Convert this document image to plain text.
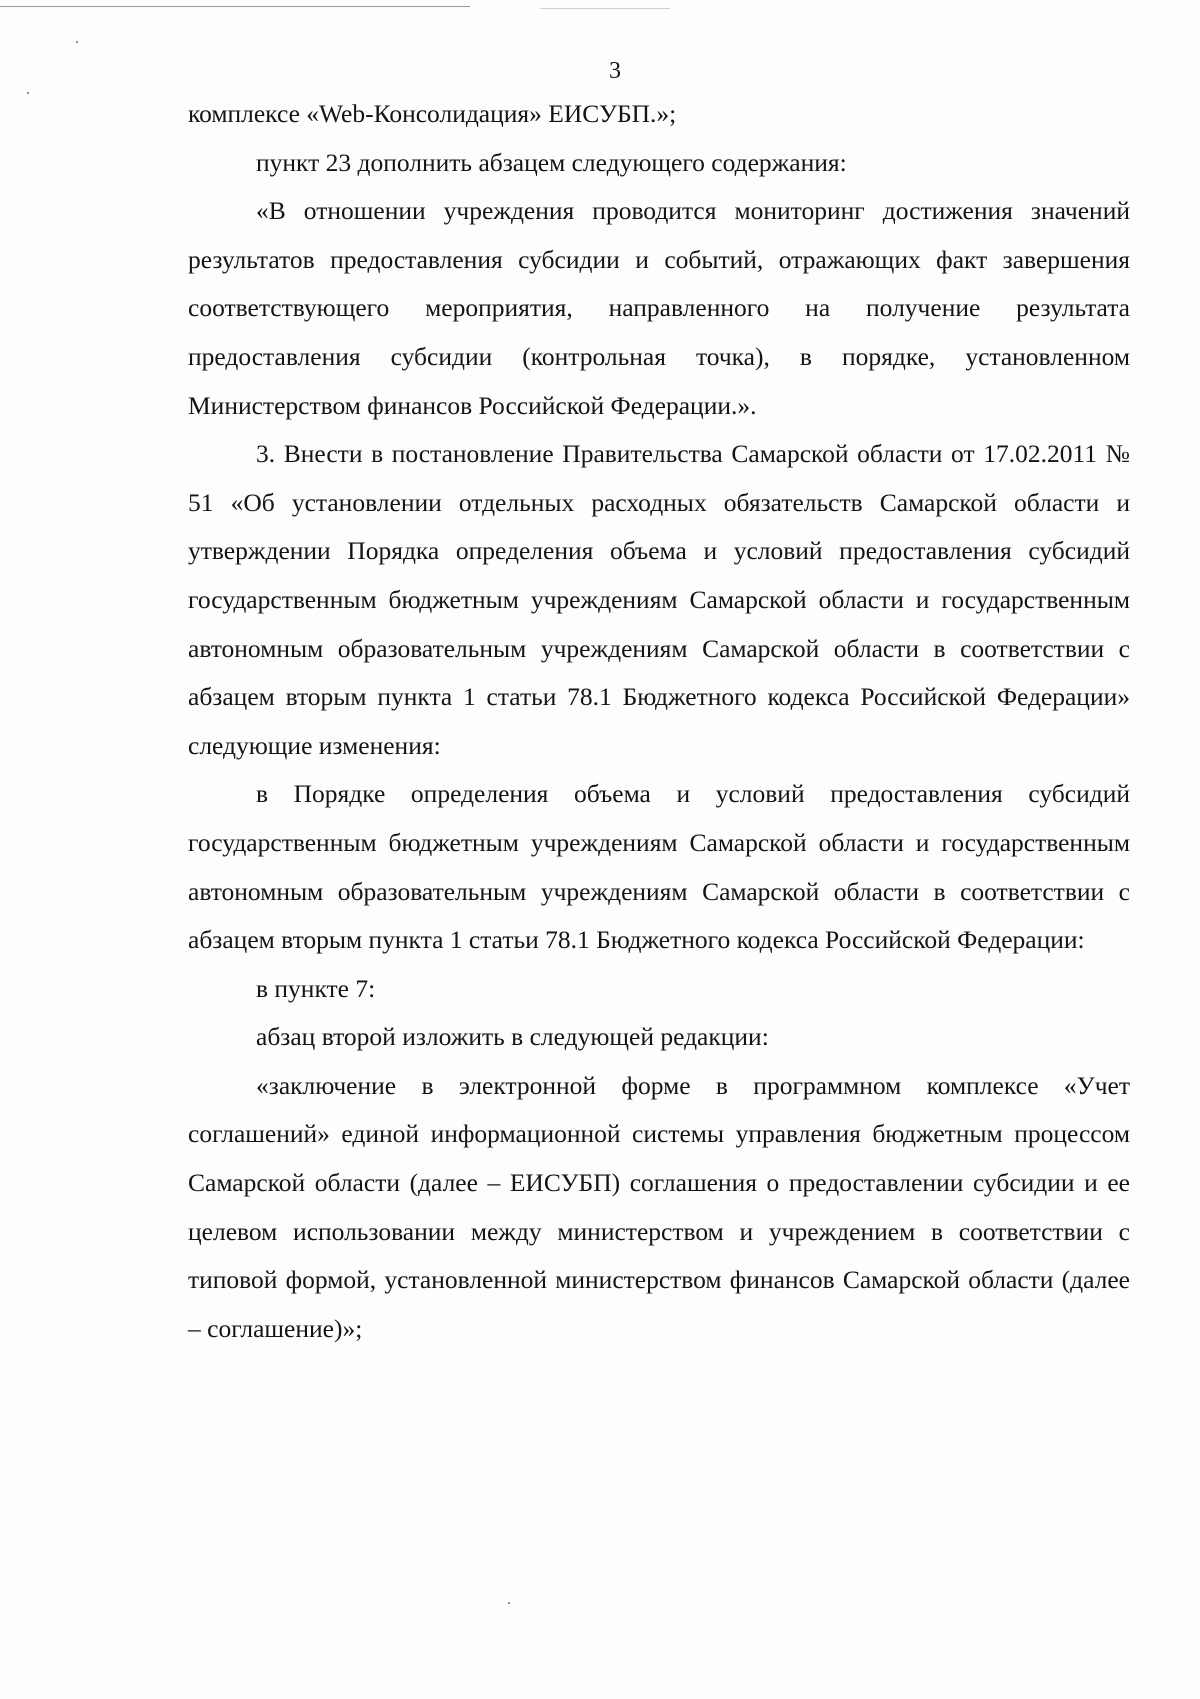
3

комплексе «Web-Консолидация» ЕИСУБП.»;

пункт 23 дополнить абзацем следующего содержания:

«В отношении учреждения проводится мониторинг достижения значений результатов предоставления субсидии и событий, отражающих факт завершения соответствующего мероприятия, направленного на получение результата предоставления субсидии (контрольная точка), в порядке, установленном Министерством финансов Российской Федерации.».

3. Внести в постановление Правительства Самарской области от 17.02.2011 № 51 «Об установлении отдельных расходных обязательств Самарской области и утверждении Порядка определения объема и условий предоставления субсидий государственным бюджетным учреждениям Самарской области и государственным автономным образовательным учреждениям Самарской области в соответствии с абзацем вторым пункта 1 статьи 78.1 Бюджетного кодекса Российской Федерации» следующие изменения:

в Порядке определения объема и условий предоставления субсидий государственным бюджетным учреждениям Самарской области и государственным автономным образовательным учреждениям Самарской области в соответствии с абзацем вторым пункта 1 статьи 78.1 Бюджетного кодекса Российской Федерации:

в пункте 7:

абзац второй изложить в следующей редакции:

«заключение в электронной форме в программном комплексе «Учет соглашений» единой информационной системы управления бюджетным процессом Самарской области (далее – ЕИСУБП) соглашения о предоставлении субсидии и ее целевом использовании между министерством и учреждением в соответствии с типовой формой, установленной министерством финансов Самарской области (далее – соглашение)»;
